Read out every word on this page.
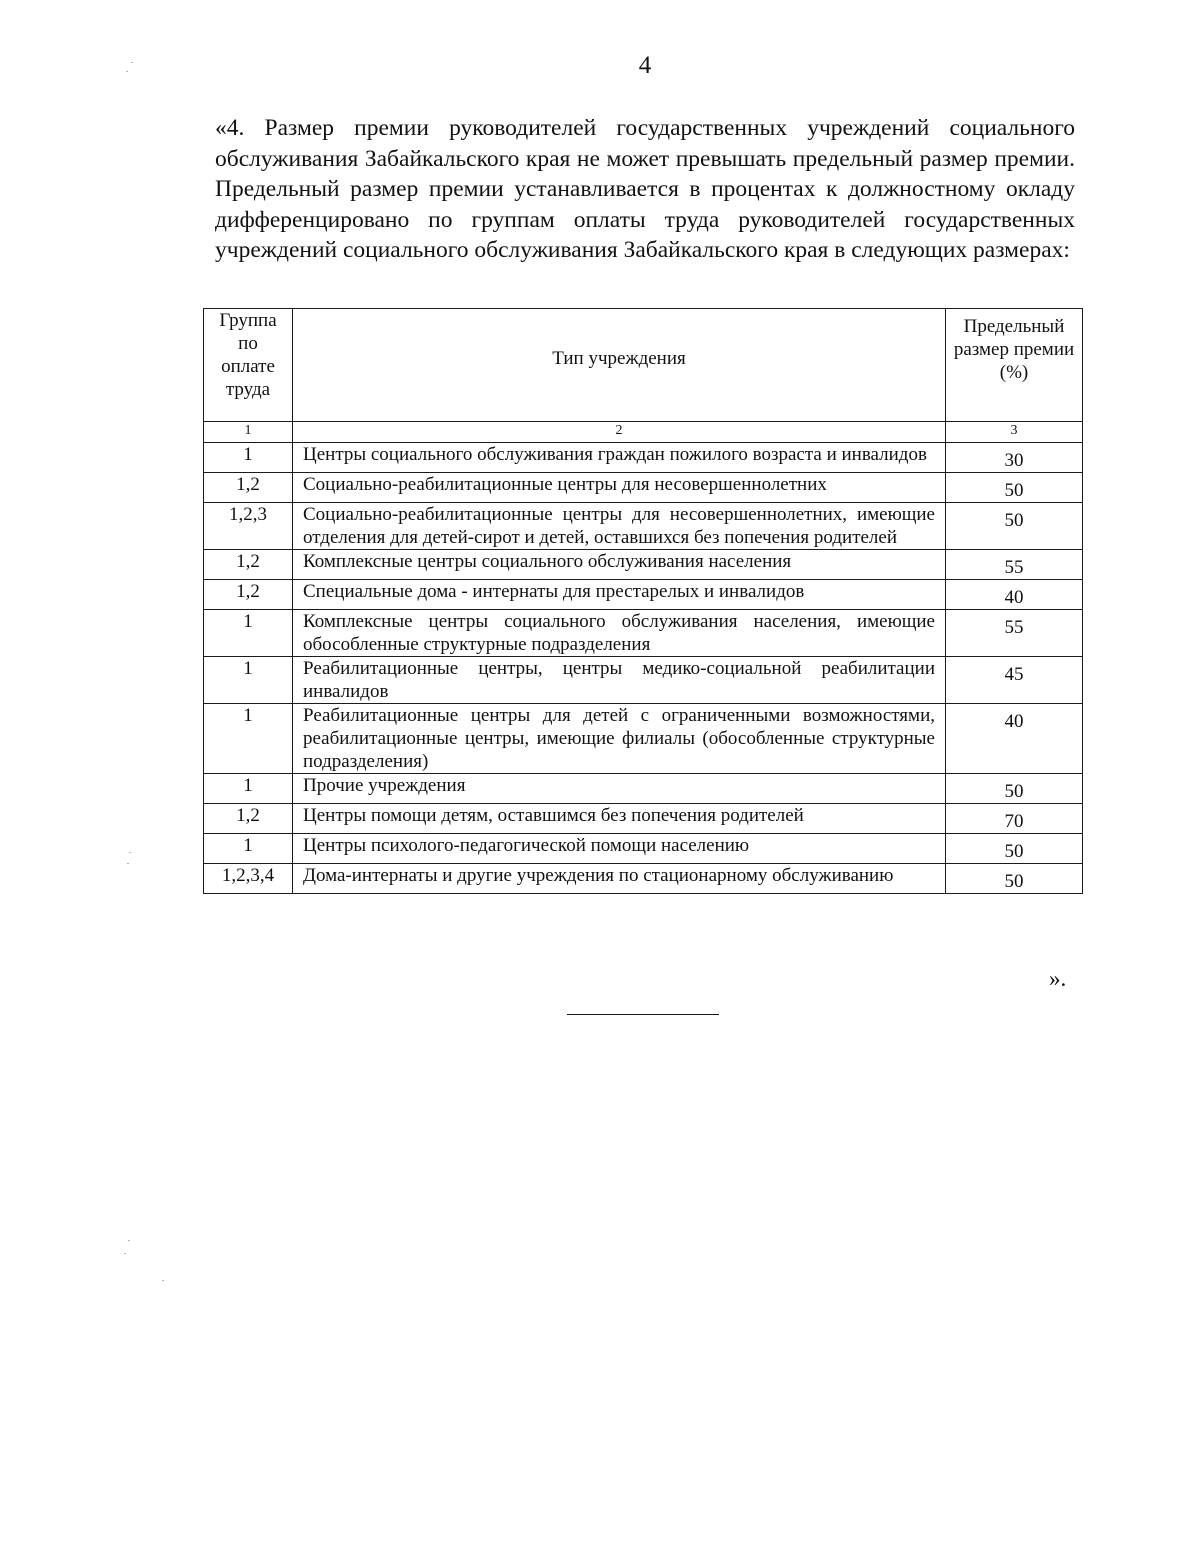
4
«4. Размер премии руководителей государственных учреждений социального обслуживания Забайкальского края не может превышать предельный размер премии. Предельный размер премии устанавливается в процентах к должностному окладу дифференцировано по группам оплаты труда руководителей государственных учреждений социального обслуживания Забайкальского края в следующих размерах:
Группа по оплате труда	Тип учреждения	Предельный размер премии (%)
1	2	3
1	Центры социального обслуживания граждан пожилого возраста и инвалидов	30
1,2	Социально-реабилитационные центры для несовершеннолетних	50
1,2,3	Социально-реабилитационные центры для несовершеннолетних, имеющие отделения для детей-сирот и детей, оставшихся без попечения родителей	50
1,2	Комплексные центры социального обслуживания населения	55
1,2	Специальные дома - интернаты для престарелых и инвалидов	40
1	Комплексные центры социального обслуживания населения, имеющие обособленные структурные подразделения	55
1	Реабилитационные центры, центры медико-социальной реабилитации инвалидов	45
1	Реабилитационные центры для детей с ограниченными возможностями, реабилитационные центры, имеющие филиалы (обособленные структурные подразделения)	40
1	Прочие учреждения	50
1,2	Центры помощи детям, оставшимся без попечения родителей	70
1	Центры психолого-педагогической помощи населению	50
1,2,3,4	Дома-интернаты и другие учреждения по стационарному обслуживанию	50
».
